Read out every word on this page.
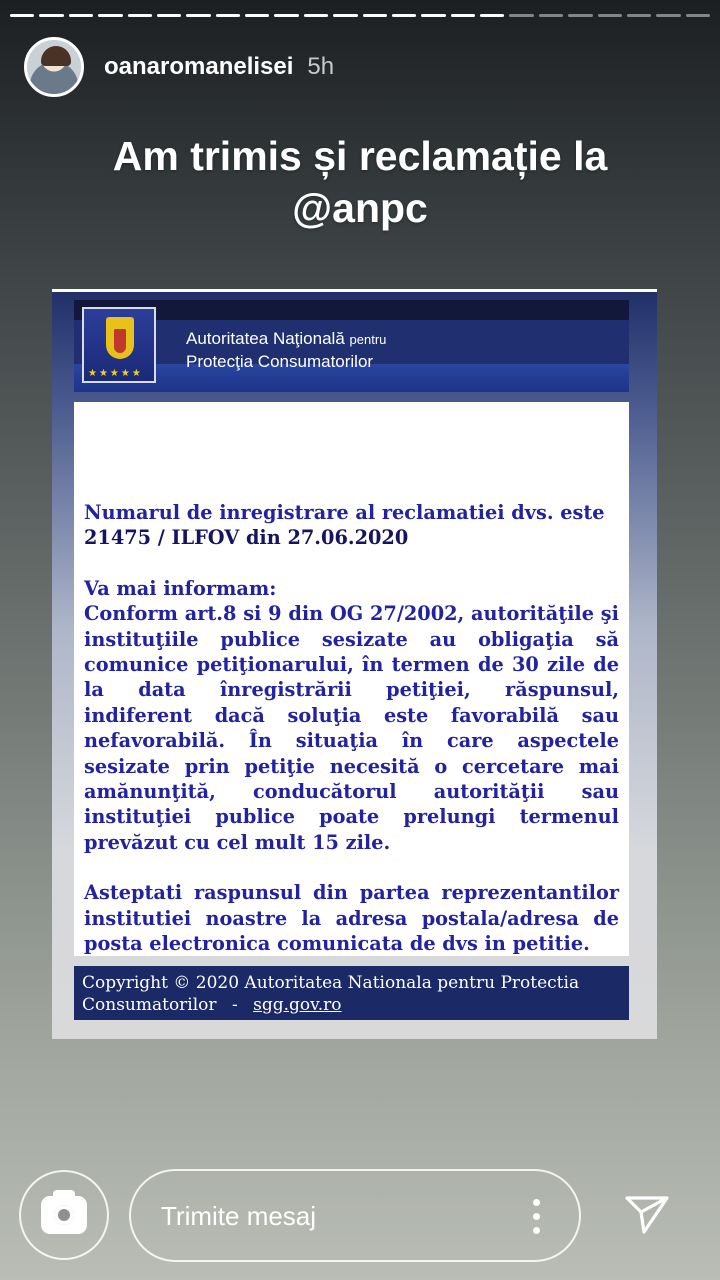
oanaromanelisei 5h
Am trimis și reclamație la
@anpc
★★★★★
Autoritatea Naţională pentru
Protecţia Consumatorilor

Numarul de inregistrare al reclamatiei dvs. este

21475 / ILFOV din 27.06.2020

Va mai informam:

Conform art.8 si 9 din OG 27/2002, autorităţile şi instituţiile publice sesizate au obligaţia să comunice petiţionarului, în termen de 30 zile de la data înregistrării petiţiei, răspunsul, indiferent dacă soluţia este favorabilă sau nefavorabilă. În situaţia în care aspectele sesizate prin petiţie necesită o cercetare mai amănunţită, conducătorul autorităţii sau instituţiei publice poate prelungi termenul prevăzut cu cel mult 15 zile.

Asteptati raspunsul din partea reprezentantilor institutiei noastre la adresa postala/adresa de posta electronica comunicata de dvs in petitie.

Copyright © 2020 Autoritatea Nationala pentru Protectia Consumatorilor - sgg.gov.ro
Trimite mesaj
